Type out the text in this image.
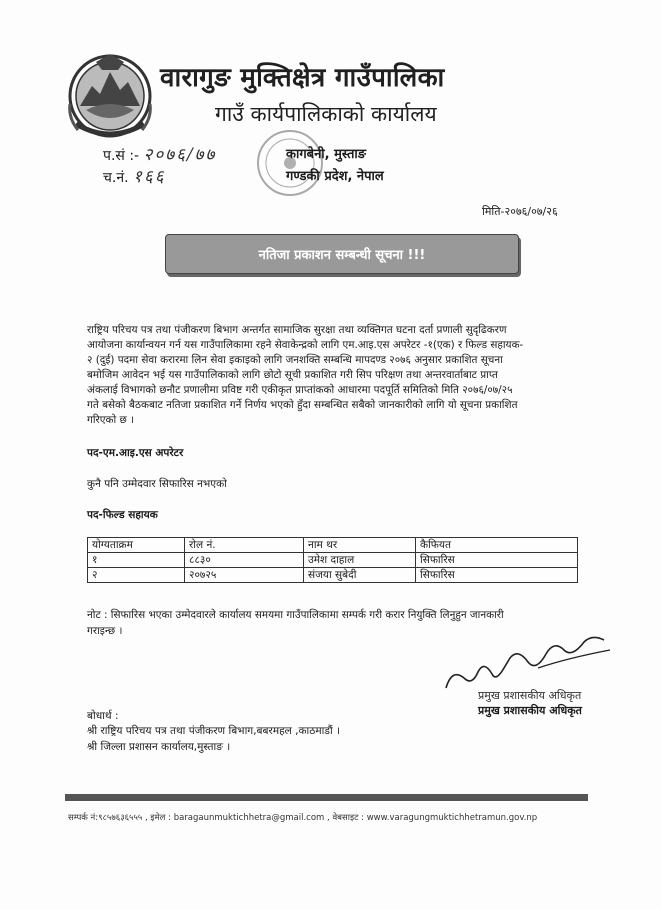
वारागुङ मुक्तिक्षेत्र गाउँपालिका
गाउँ कार्यपालिकाको कार्यालय
प.सं :- २०७६/७७
च.नं. १६६
कागबेनी, मुस्ताङ
गण्डकी प्रदेश, नेपाल
मिति-२०७६/०७/२६
नतिजा प्रकाशन सम्बन्धी सूचना !!!
राष्ट्रिय परिचय पत्र तथा पंजीकरण बिभाग अन्तर्गत सामाजिक सुरक्षा तथा व्यक्तिगत घटना दर्ता प्रणाली सुदृढिकरण
आयोजना कार्यान्वयन गर्न यस गाउँपालिकामा रहने सेवाकेन्द्रको लागि एम.आइ.एस अपरेटर -१(एक) र फिल्ड सहायक-
२ (दुई) पदमा सेवा करारमा लिन सेवा इकाइको लागि जनशक्ति सम्बन्धि मापदण्ड २०७६ अनुसार प्रकाशित सूचना
बमोजिम आवेदन भई यस गाउँपालिकाको लागि छोटो सूची प्रकाशित गरी सिप परिक्षण तथा अन्तरवार्ताबाट प्राप्त
अंकलाई विभागको छनौट प्रणालीमा प्रविष्ट गरी एकीकृत प्राप्तांकको आधारमा पदपूर्ति समितिको मिति २०७६/०७/२५
गते बसेको बैठकबाट नतिजा प्रकाशित गर्ने निर्णय भएको हुँदा सम्बन्धित सबैको जानकारीको लागि यो सूचना प्रकाशित
गरिएको छ ।
पद-एम.आइ.एस अपरेटर
कुनै पनि उम्मेदवार सिफारिस नभएको
पद-फिल्ड सहायक
योग्यताक्रम	रोल नं.	नाम थर	कैफियत
१	८८३०	उमेश दाहाल	सिफारिस
२	२०७२५	संजया सुबेदी	सिफारिस
नोट : सिफारिस भएका उम्मेदवारले कार्यालय समयमा गाउँपालिकामा सम्पर्क गरी करार नियुक्ति लिनुहुन जानकारी
गराइन्छ ।
प्रमुख प्रशासकीय अधिकृत
प्रमुख प्रशासकीय अधिकृत
बोधार्थ :
श्री राष्ट्रिय परिचय पत्र तथा पंजीकरण बिभाग,बबरमहल ,काठमाडौं ।
श्री जिल्ला प्रशासन कार्यालय,मुस्ताङ ।
सम्पर्क नं:९८५७६३६५५५ , इमेल : baragaunmuktichhetra@gmail.com , वेबसाइट : www.varagungmuktichhetramun.gov.np
